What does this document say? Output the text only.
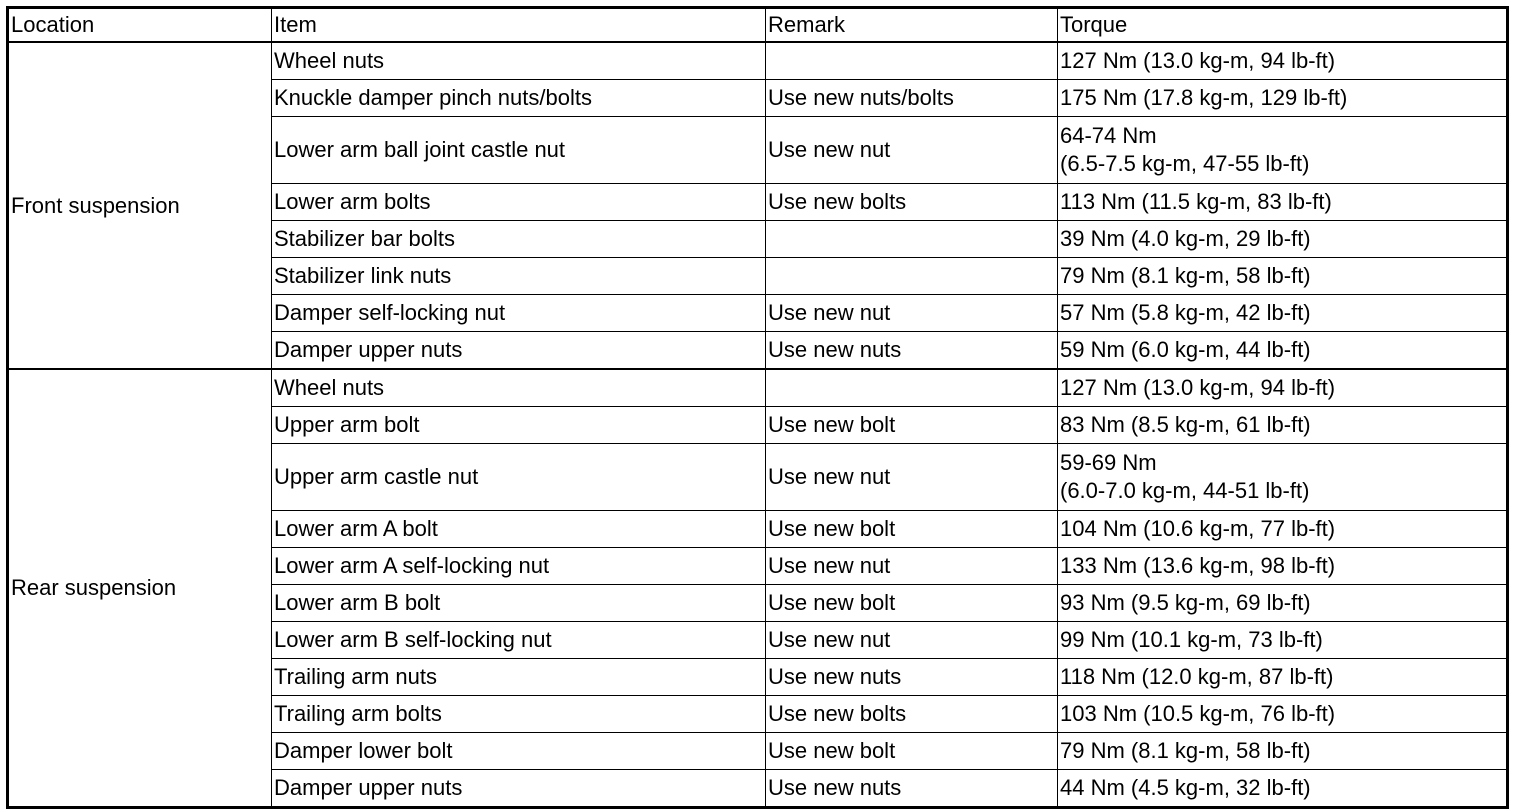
Location	Item	Remark	Torque
Front suspension	Wheel nuts		127 Nm (13.0 kg-m, 94 lb-ft)
	Knuckle damper pinch nuts/bolts	Use new nuts/bolts	175 Nm (17.8 kg-m, 129 lb-ft)
	Lower arm ball joint castle nut	Use new nut	64-74 Nm
(6.5-7.5 kg-m, 47-55 lb-ft)
	Lower arm bolts	Use new bolts	113 Nm (11.5 kg-m, 83 lb-ft)
	Stabilizer bar bolts		39 Nm (4.0 kg-m, 29 lb-ft)
	Stabilizer link nuts		79 Nm (8.1 kg-m, 58 lb-ft)
	Damper self-locking nut	Use new nut	57 Nm (5.8 kg-m, 42 lb-ft)
	Damper upper nuts	Use new nuts	59 Nm (6.0 kg-m, 44 lb-ft)
Rear suspension	Wheel nuts		127 Nm (13.0 kg-m, 94 lb-ft)
	Upper arm bolt	Use new bolt	83 Nm (8.5 kg-m, 61 lb-ft)
	Upper arm castle nut	Use new nut	59-69 Nm
(6.0-7.0 kg-m, 44-51 lb-ft)
	Lower arm A bolt	Use new bolt	104 Nm (10.6 kg-m, 77 lb-ft)
	Lower arm A self-locking nut	Use new nut	133 Nm (13.6 kg-m, 98 lb-ft)
	Lower arm B bolt	Use new bolt	93 Nm (9.5 kg-m, 69 lb-ft)
	Lower arm B self-locking nut	Use new nut	99 Nm (10.1 kg-m, 73 lb-ft)
	Trailing arm nuts	Use new nuts	118 Nm (12.0 kg-m, 87 lb-ft)
	Trailing arm bolts	Use new bolts	103 Nm (10.5 kg-m, 76 lb-ft)
	Damper lower bolt	Use new bolt	79 Nm (8.1 kg-m, 58 lb-ft)
	Damper upper nuts	Use new nuts	44 Nm (4.5 kg-m, 32 lb-ft)
